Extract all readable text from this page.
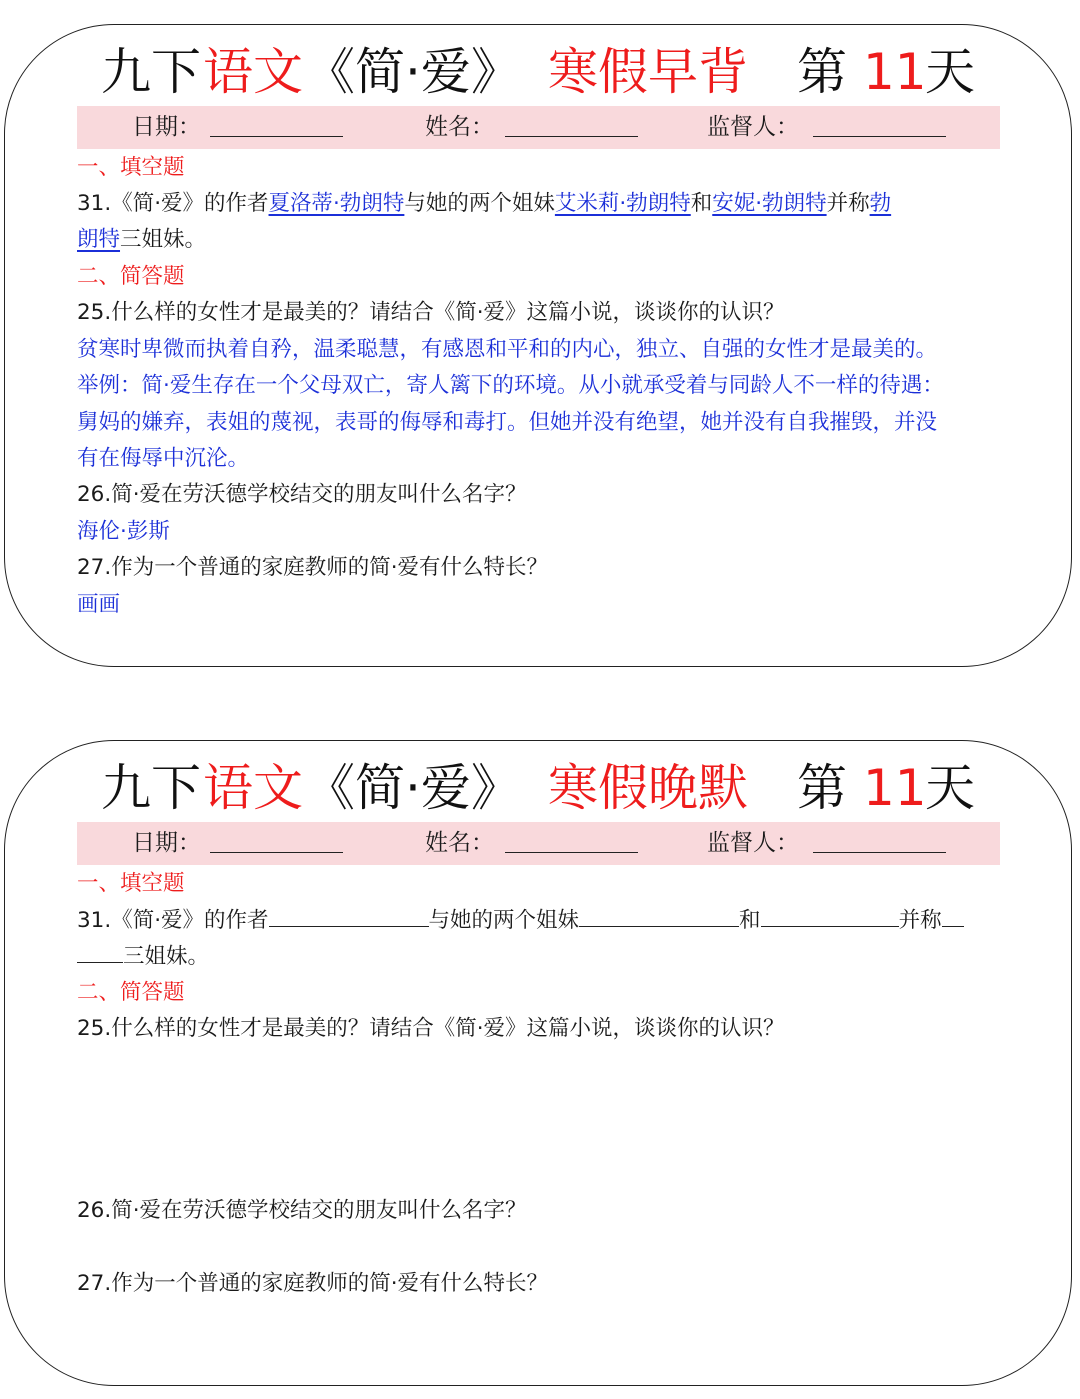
九下 语文 《简·爱》 寒假早背 第 11
天
日期：	姓名：	监督人：
一、填空题
31.《简·爱》的作者夏洛蒂·勃朗特与她的两个姐妹艾米莉·勃朗特和安妮·勃朗特并称勃
朗特三姐妹。
二、简答题
25.什么样的女性才是最美的？请结合《简·爱》这篇小说，谈谈你的认识？
贫寒时卑微而执着自矜，温柔聪慧，有感恩和平和的内心，独立、自强的女性才是最美的。
举例：简·爱生存在一个父母双亡，寄人篱下的环境。从小就承受着与同龄人不一样的待遇：
舅妈的嫌弃，表姐的蔑视，表哥的侮辱和毒打。但她并没有绝望，她并没有自我摧毁，并没
有在侮辱中沉沦。
26.简·爱在劳沃德学校结交的朋友叫什么名字？
海伦·彭斯
27.作为一个普通的家庭教师的简·爱有什么特长？
画画
九下 语文 《简·爱》 寒假晚默 第 11
天
日期：	姓名：	监督人：
一、填空题
31.《简·爱》的作者	与她的两个姐妹	和	并称
三姐妹。
二、简答题
25.什么样的女性才是最美的？请结合《简·爱》这篇小说，谈谈你的认识？
26.简·爱在劳沃德学校结交的朋友叫什么名字？
27.作为一个普通的家庭教师的简·爱有什么特长？
